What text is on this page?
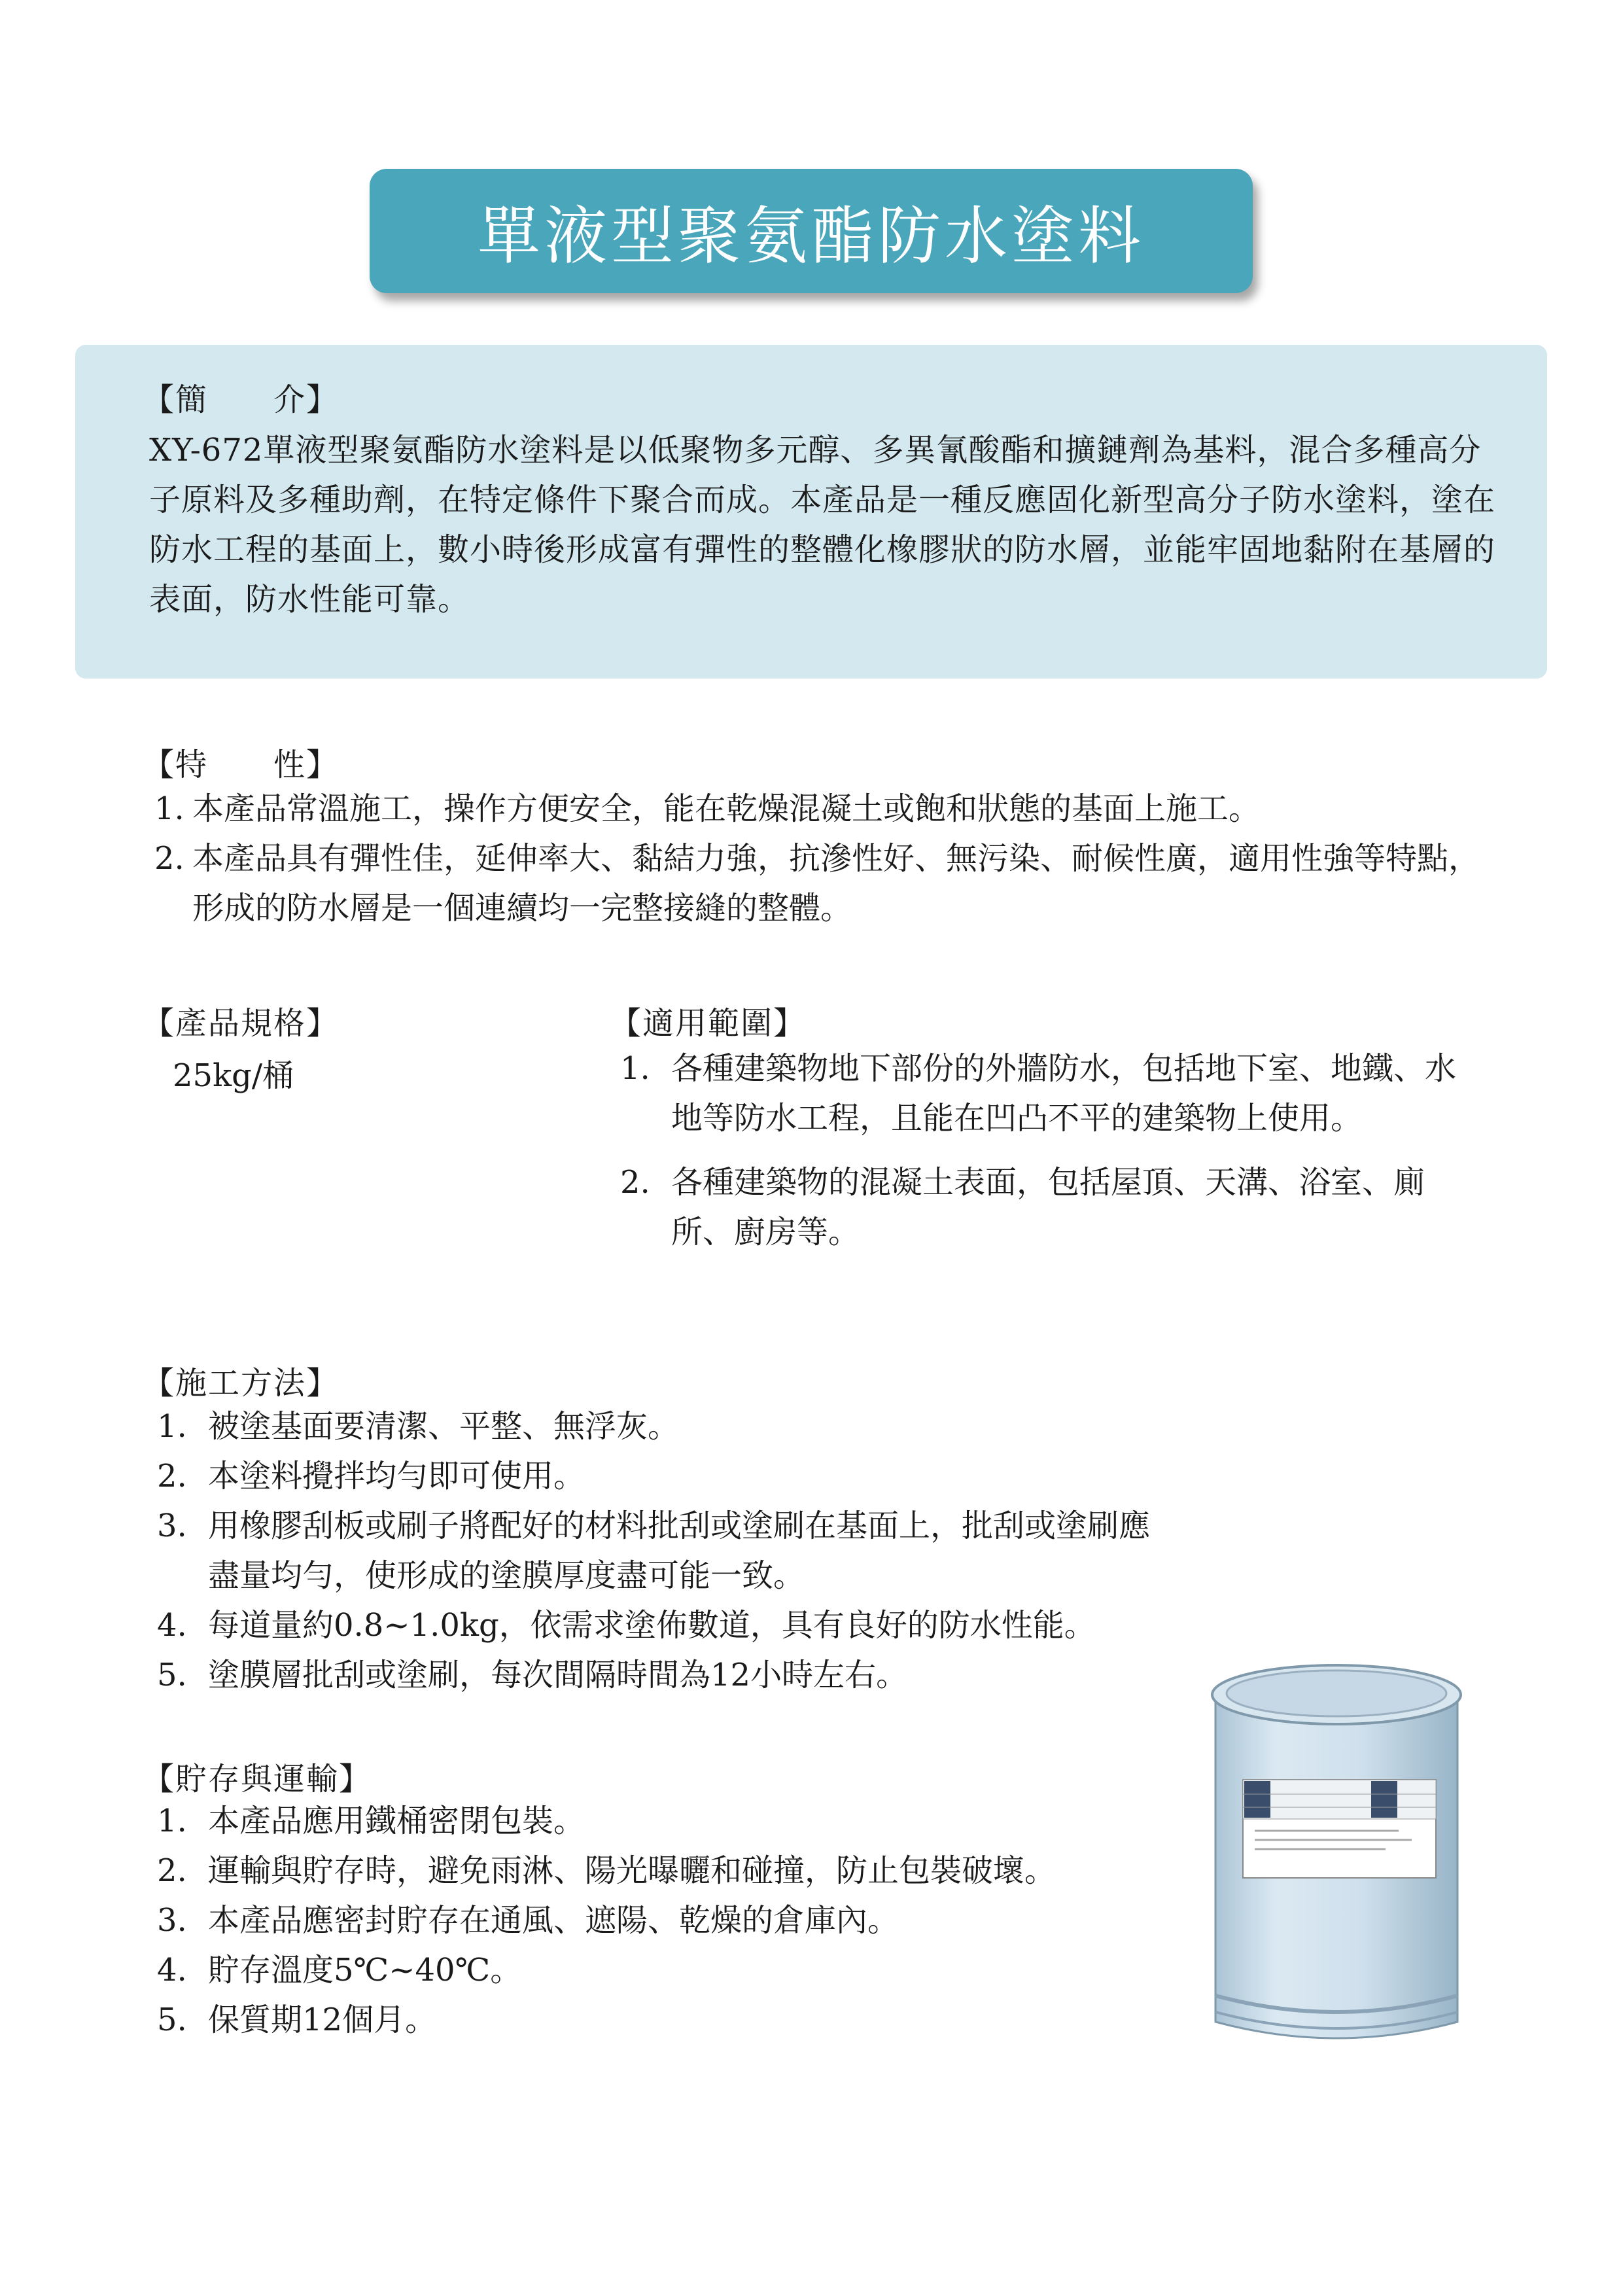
單液型聚氨酯防水塗料
【簡　　介】
XY-672單液型聚氨酯防水塗料是以低聚物多元醇、多異氰酸酯和擴鏈劑為基料，混合多種高分子原料及多種助劑，在特定條件下聚合而成。本產品是一種反應固化新型高分子防水塗料，塗在防水工程的基面上，數小時後形成富有彈性的整體化橡膠狀的防水層，並能牢固地黏附在基層的表面，防水性能可靠。
【特　　性】
1. 本產品常溫施工，操作方便安全，能在乾燥混凝土或飽和狀態的基面上施工。
2. 本產品具有彈性佳，延伸率大、黏結力強，抗滲性好、無污染、耐候性廣，適用性強等特點，形成的防水層是一個連續均一完整接縫的整體。
【產品規格】
25kg/桶
【適用範圍】
1. 各種建築物地下部份的外牆防水，包括地下室、地鐵、水地等防水工程，且能在凹凸不平的建築物上使用。
2. 各種建築物的混凝土表面，包括屋頂、天溝、浴室、廁所、廚房等。
【施工方法】
1. 被塗基面要清潔、平整、無浮灰。
2. 本塗料攪拌均勻即可使用。
3. 用橡膠刮板或刷子將配好的材料批刮或塗刷在基面上，批刮或塗刷應盡量均勻，使形成的塗膜厚度盡可能一致。
4. 每道量約0.8~1.0kg，依需求塗佈數道，具有良好的防水性能。
5. 塗膜層批刮或塗刷，每次間隔時間為12小時左右。
【貯存與運輸】
1. 本產品應用鐵桶密閉包裝。
2. 運輸與貯存時，避免雨淋、陽光曝曬和碰撞，防止包裝破壞。
3. 本產品應密封貯存在通風、遮陽、乾燥的倉庫內。
4. 貯存溫度5℃~40℃。
5. 保質期12個月。
